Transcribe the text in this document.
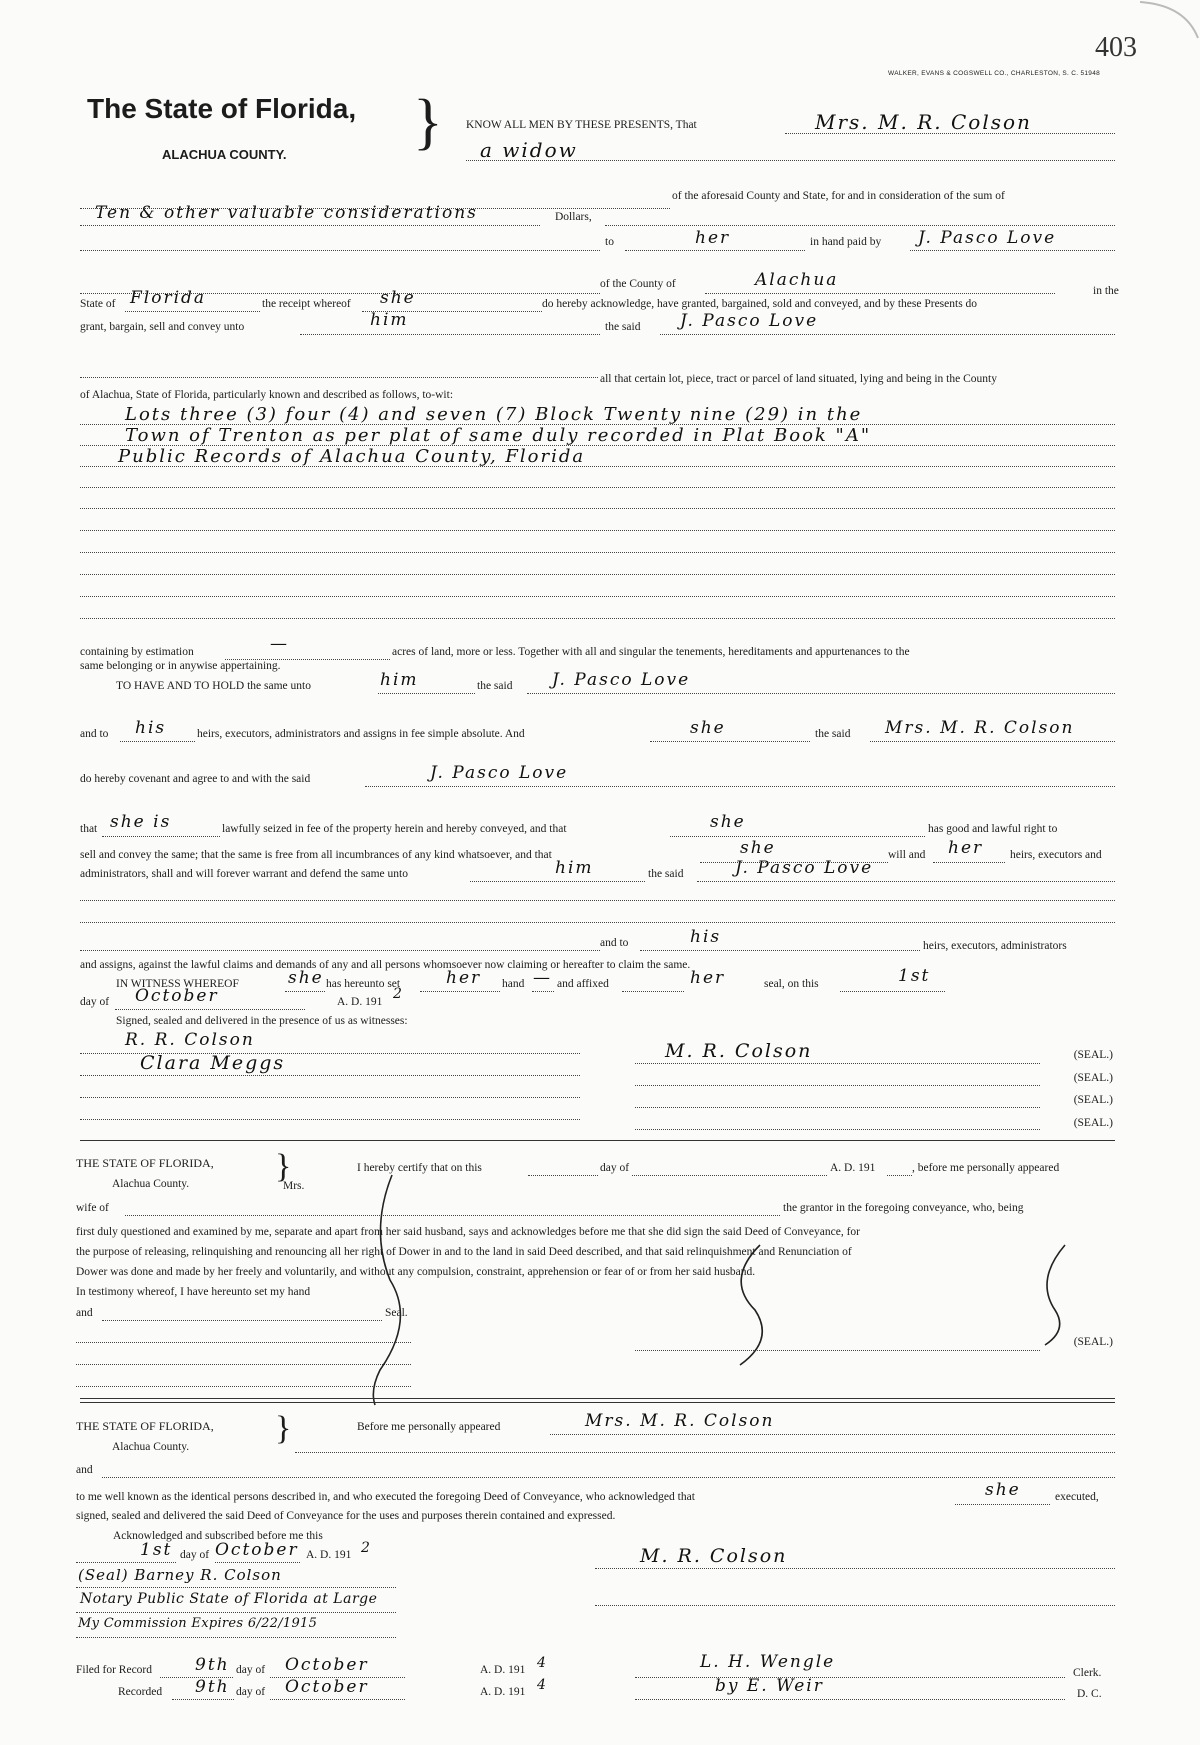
403
WALKER, EVANS & COGSWELL CO., CHARLESTON, S. C. 51948
The State of Florida,
ALACHUA COUNTY. } KNOW ALL MEN BY THESE PRESENTS, That	Mrs. M. R. Colson
a widow
of the aforesaid County and State, for and in consideration of the sum of
Ten & other valuable considerations	Dollars,
to	her	in hand paid by J. Pasco Love
of the County of	Alachua
in the
State of Florida	the receipt whereof she	do hereby acknowledge, have granted, bargained, sold and conveyed, and by these Presents do
grant, bargain, sell and convey unto	him	the said J. Pasco Love
all that certain lot, piece, tract or parcel of land situated, lying and being in the County
of Alachua, State of Florida, particularly known and described as follows, to-wit:
Lots three (3) four (4) and seven (7) Block Twenty nine (29) in the
Town of Trenton as per plat of same duly recorded in Plat Book "A"
Public Records of Alachua County, Florida
containing by estimation	—	acres of land, more or less. Together with all and singular the tenements, hereditaments and appurtenances to the
same belonging or in anywise appertaining.
TO HAVE AND TO HOLD the same unto	him	the said J. Pasco Love
and to his	heirs, executors, administrators and assigns in fee simple absolute. And	she	the said Mrs. M. R. Colson
do hereby covenant and agree to and with the said	J. Pasco Love
that she is	lawfully seized in fee of the property herein and hereby conveyed, and that	she	has good and lawful right to
sell and convey the same; that the same is free from all incumbrances of any kind whatsoever, and that	she	will and her heirs, executors and
administrators, shall and will forever warrant and defend the same unto	him	the said	J. Pasco Love
and to	his	heirs, executors, administrators
and assigns, against the lawful claims and demands of any and all persons whomsoever now claiming or hereafter to claim the same.
IN WITNESS WHEREOF	she has hereunto set	her hand — and affixed	her	seal, on this	1st
day of October	A. D. 191 2
Signed, sealed and delivered in the presence of us as witnesses:
R. R. Colson
Clara Meggs
M. R. Colson	(SEAL.)
(SEAL.)
(SEAL.)
(SEAL.)
THE STATE OF FLORIDA,
Alachua County.	}
Mrs.
I hereby certify that on this	day of	A. D. 191	, before me personally appeared
wife of	the grantor in the foregoing conveyance, who, being
first duly questioned and examined by me, separate and apart from her said husband, says and acknowledges before me that she did sign the said Deed of Conveyance, for
the purpose of releasing, relinquishing and renouncing all her right of Dower in and to the land in said Deed described, and that said relinquishment and Renunciation of
Dower was done and made by her freely and voluntarily, and without any compulsion, constraint, apprehension or fear of or from her said husband.
In testimony whereof, I have hereunto set my hand
and	Seal.
(SEAL.)
THE STATE OF FLORIDA,
Alachua County.	}	Before me personally appeared	Mrs. M. R. Colson
and
to me well known as the identical persons described in, and who executed the foregoing Deed of Conveyance, who acknowledged that	she	executed,
signed, sealed and delivered the said Deed of Conveyance for the uses and purposes therein contained and expressed.
Acknowledged and subscribed before me this
1st day of October A. D. 191 2
(Seal) Barney R. Colson
Notary Public State of Florida at Large
My Commission Expires 6/22/1915
M. R. Colson
Filed for Record	9th day of October	A. D. 191 4
Recorded 9th day of October	A. D. 191 4
L. H. Wengle
Clerk.
by E. Weir	D. C.
